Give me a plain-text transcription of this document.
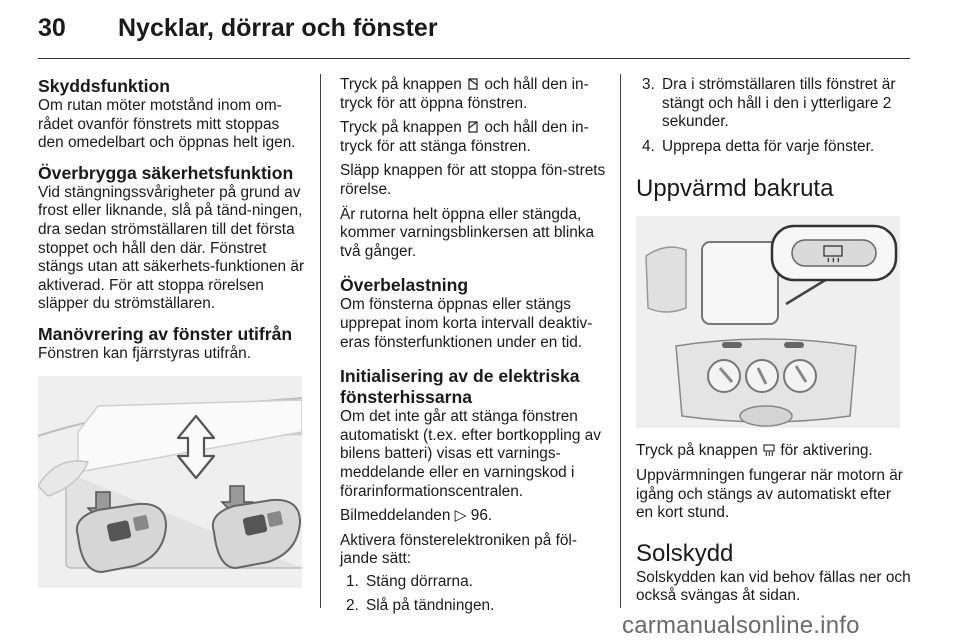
30 Nycklar, dörrar och fönster
Skyddsfunktion

Om rutan möter motstånd inom om-rådet ovanför fönstrets mitt stoppas den omedelbart och öppnas helt igen.

Överbrygga säkerhetsfunktion

Vid stängningssvårigheter på grund av frost eller liknande, slå på tänd-ningen, dra sedan strömställaren till det första stoppet och håll den där. Fönstret stängs utan att säkerhets-funktionen är aktiverad. För att stoppa rörelsen släpper du strömställaren.

Manövrering av fönster utifrån

Fönstren kan fjärrstyras utifrån.

Tryck på knappen och håll den in-tryck för att öppna fönstren.

Tryck på knappen och håll den in-tryck för att stänga fönstren.

Släpp knappen för att stoppa fön-strets rörelse.

Är rutorna helt öppna eller stängda, kommer varningsblinkersen att blinka två gånger.

Överbelastning

Om fönsterna öppnas eller stängs upprepat inom korta intervall deaktiv-eras fönsterfunktionen under en tid.

Initialisering av de elektriska fönsterhissarna

Om det inte går att stänga fönstren automatiskt (t.ex. efter bortkoppling av bilens batteri) visas ett varnings-meddelande eller en varningskod i förarinformationscentralen.

Bilmeddelanden ▷ 96.

Aktivera fönsterelektroniken på föl-jande sätt:

1. Stäng dörrarna.
2. Slå på tändningen.
3. Dra i strömställaren tills fönstret är stängt och håll i den i ytterligare 2 sekunder.
4. Upprepa detta för varje fönster.
Uppvärmd bakruta

Tryck på knappen för aktivering.

Uppvärmningen fungerar när motorn är igång och stängs av automatiskt efter en kort stund.

Solskydd

Solskydden kan vid behov fällas ner och också svängas åt sidan.

carmanualsonline.info
